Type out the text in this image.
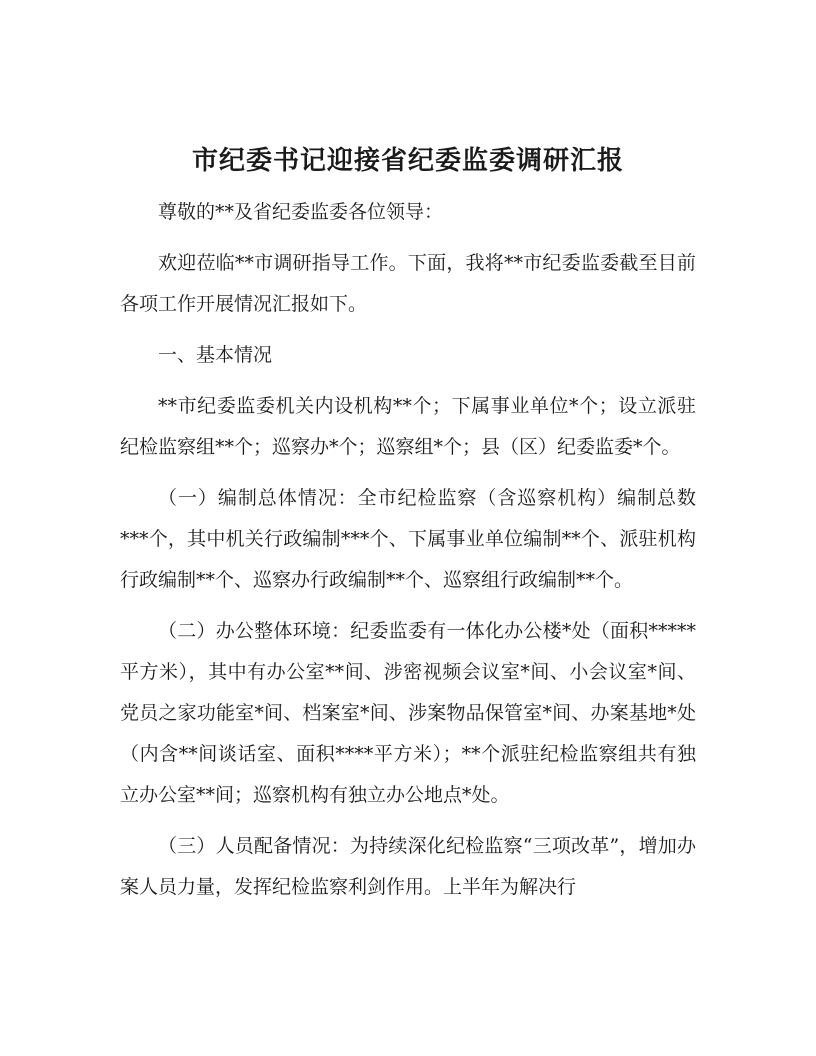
市纪委书记迎接省纪委监委调研汇报

尊敬的**及省纪委监委各位领导：

欢迎莅临**市调研指导工作。下面，我将**市纪委监委截至目前各项工作开展情况汇报如下。

一、基本情况

**市纪委监委机关内设机构**个；下属事业单位*个；设立派驻纪检监察组**个；巡察办*个；巡察组*个；县（区）纪委监委*个。

（一）编制总体情况：全市纪检监察（含巡察机构）编制总数***个，其中机关行政编制***个、下属事业单位编制**个、派驻机构行政编制**个、巡察办行政编制**个、巡察组行政编制**个。

（二）办公整体环境：纪委监委有一体化办公楼*处（面积*****平方米），其中有办公室**间、涉密视频会议室*间、小会议室*间、党员之家功能室*间、档案室*间、涉案物品保管室*间、办案基地*处（内含**间谈话室、面积****平方米）；**个派驻纪检监察组共有独立办公室**间；巡察机构有独立办公地点*处。

（三）人员配备情况：为持续深化纪检监察“三项改革”，增加办案人员力量，发挥纪检监察利剑作用。上半年为解决行
